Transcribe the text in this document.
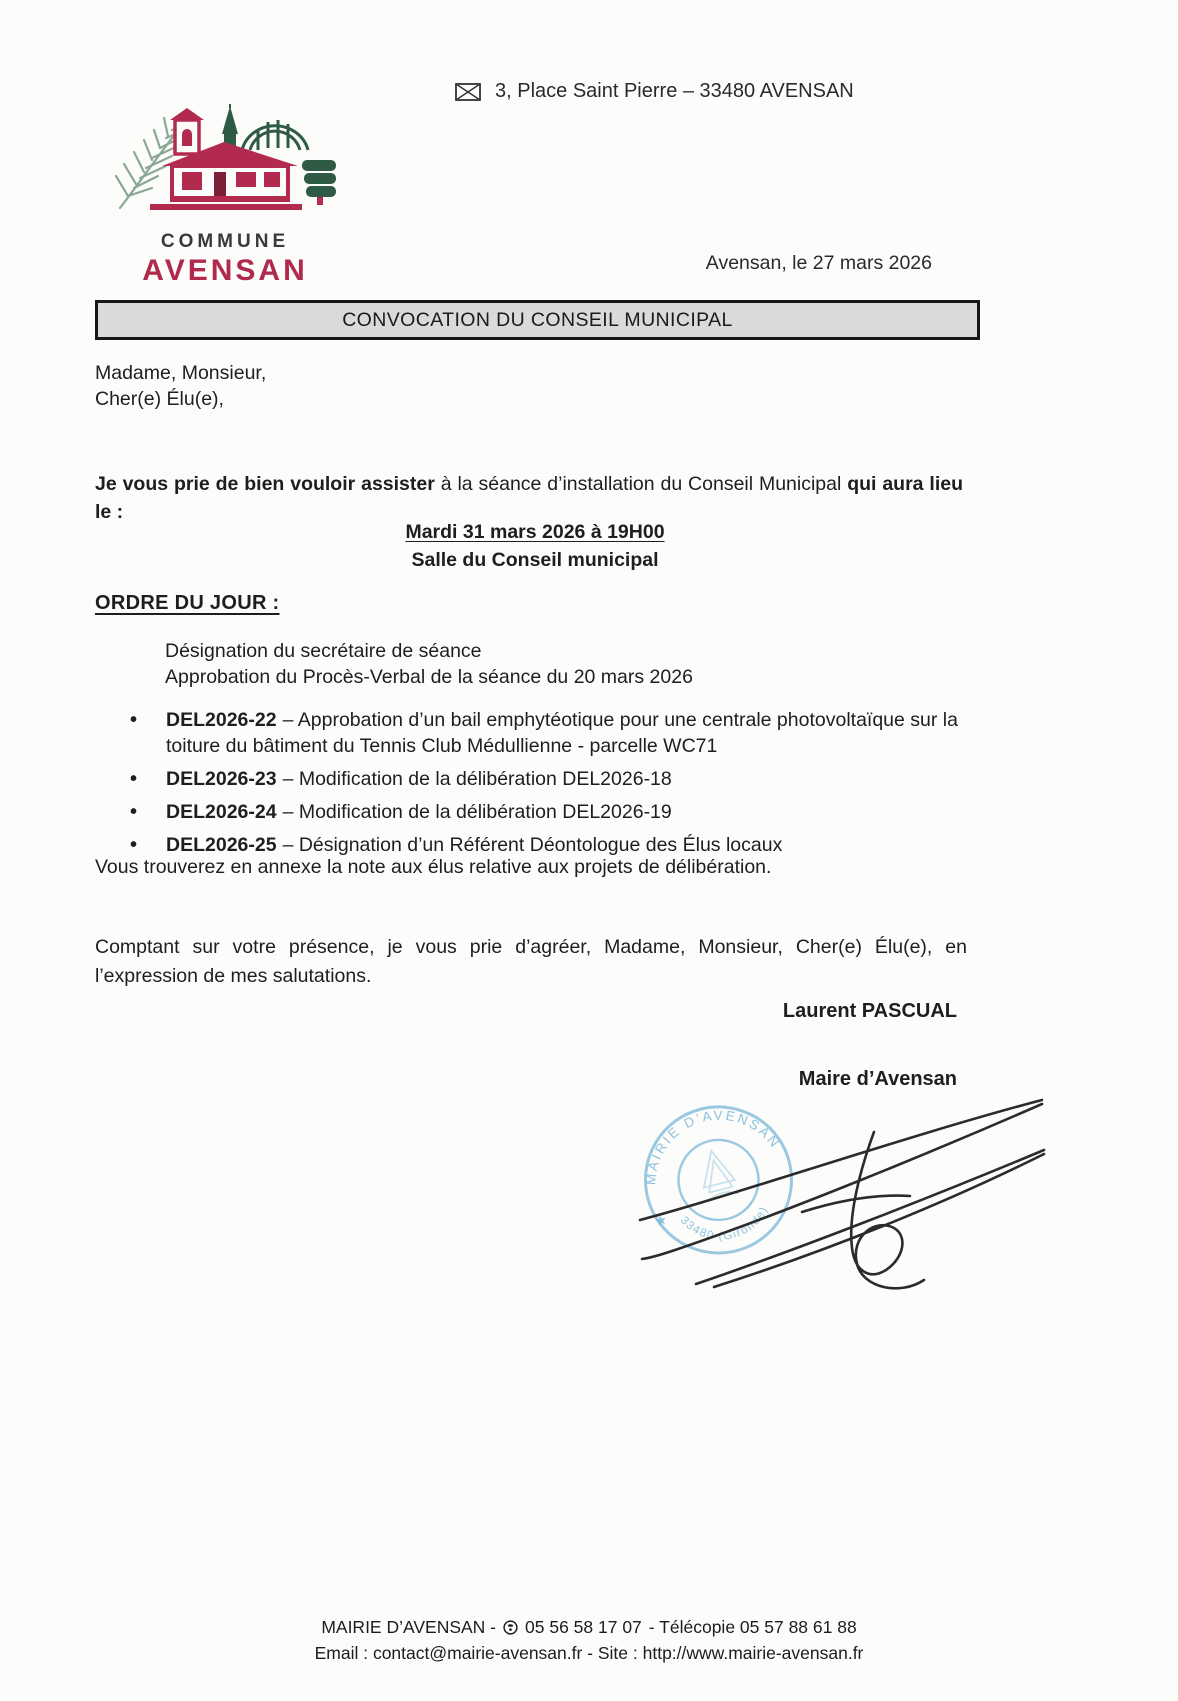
3, Place Saint Pierre – 33480 AVENSAN
COMMUNE
AVENSAN	Avensan, le 27 mars 2026
CONVOCATION DU CONSEIL MUNICIPAL
Madame, Monsieur,
Cher(e) Élu(e),

Je vous prie de bien vouloir assister à la séance d’installation du Conseil Municipal qui aura lieu le :

Mardi 31 mars 2026 à 19H00
Salle du Conseil municipal
ORDRE DU JOUR :
Désignation du secrétaire de séance
Approbation du Procès-Verbal de la séance du 20 mars 2026
• DEL2026-22 – Approbation d’un bail emphytéotique pour une centrale photovoltaïque sur la toiture du bâtiment du Tennis Club Médullienne - parcelle WC71
• DEL2026-23 – Modification de la délibération DEL2026-18
• DEL2026-24 – Modification de la délibération DEL2026-19
• DEL2026-25 – Désignation d’un Référent Déontologue des Élus locaux
Vous trouverez en annexe la note aux élus relative aux projets de délibération.

Comptant sur votre présence, je vous prie d’agréer, Madame, Monsieur, Cher(e) Élu(e), en l’expression de mes salutations.

Laurent PASCUAL
Maire d’Avensan
MAIRIE D’AVENSAN
33480 (Gironde)
★
MAIRIE D’AVENSAN - 05 56 58 17 07 - Télécopie 05 57 88 61 88
Email : contact@mairie-avensan.fr - Site : http://www.mairie-avensan.fr
